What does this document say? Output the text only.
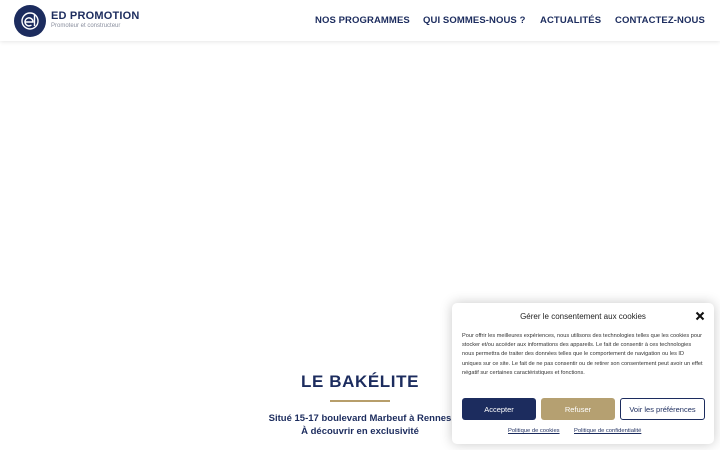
ED PROMOTION
Promoteur et constructeur	NOS PROGRAMMES QUI SOMMES-NOUS ? ACTUALITÉS CONTACTEZ-NOUS
LE BAKÉLITE
Situé 15-17 boulevard Marbeuf à Rennes
À découvrir en exclusivité
Gérer le consentement aux cookies

Pour offrir les meilleures expériences, nous utilisons des technologies telles que les cookies pour stocker et/ou accéder aux informations des appareils. Le fait de consentir à ces technologies nous permettra de traiter des données telles que le comportement de navigation ou les ID uniques sur ce site. Le fait de ne pas consentir ou de retirer son consentement peut avoir un effet négatif sur certaines caractéristiques et fonctions.

Accepter	Refuser	Voir les préférences
Politique de cookies Politique de confidentialité
